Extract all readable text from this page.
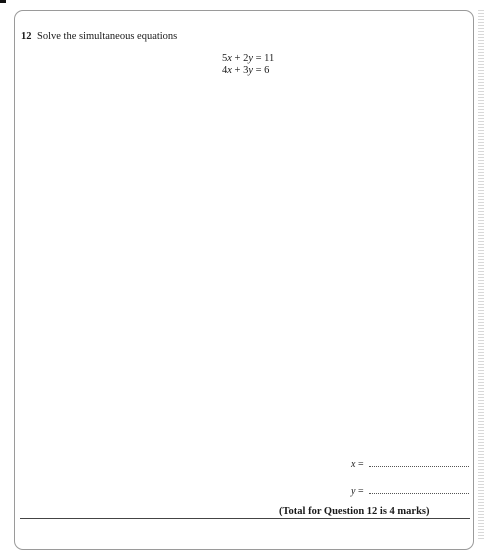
12 Solve the simultaneous equations
5x + 2y = 11
4x + 3y = 6
x =
y =
(Total for Question 12 is 4 marks)
